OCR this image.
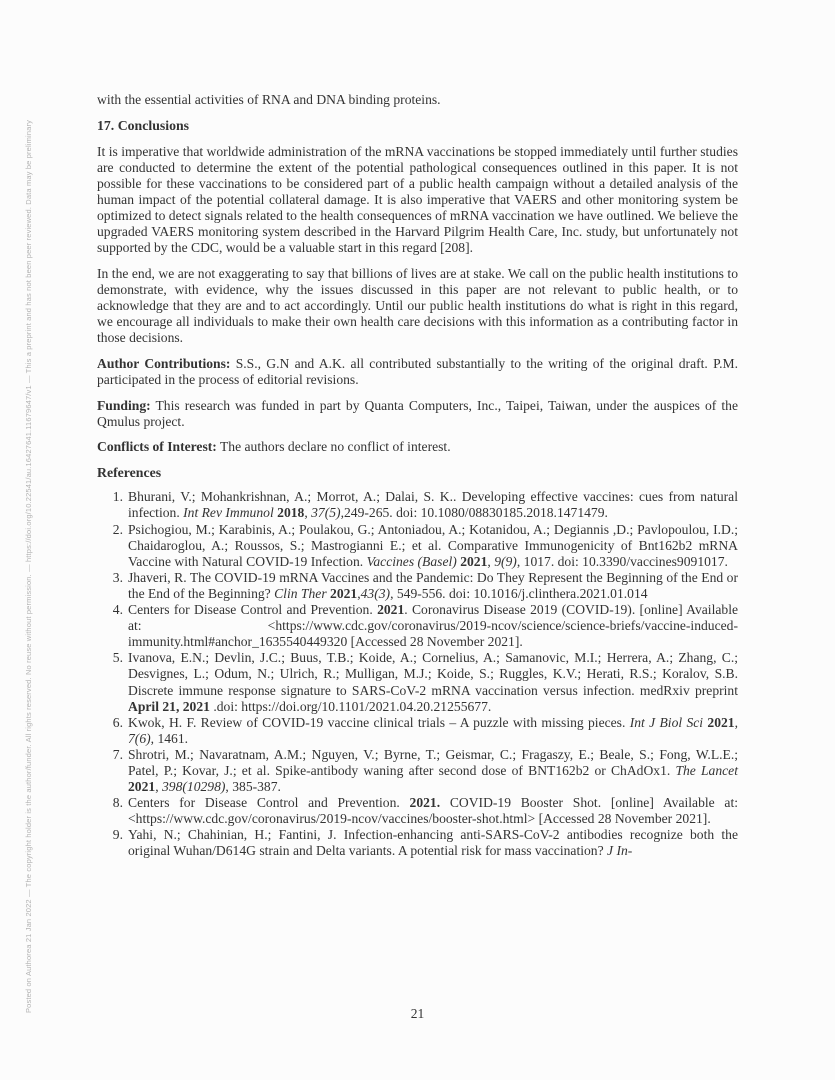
Posted on Authorea 21 Jan 2022 — The copyright holder is the author/funder. All rights reserved. No reuse without permission. — https://doi.org/10.22541/au.16427641.11679647/v1 — This a preprint and has not been peer reviewed. Data may be preliminary

with the essential activities of RNA and DNA binding proteins.

17. Conclusions

It is imperative that worldwide administration of the mRNA vaccinations be stopped immediately until further studies are conducted to determine the extent of the potential pathological consequences outlined in this paper. It is not possible for these vaccinations to be considered part of a public health campaign without a detailed analysis of the human impact of the potential collateral damage. It is also imperative that VAERS and other monitoring system be optimized to detect signals related to the health consequences of mRNA vaccination we have outlined. We believe the upgraded VAERS monitoring system described in the Harvard Pilgrim Health Care, Inc. study, but unfortunately not supported by the CDC, would be a valuable start in this regard [208].

In the end, we are not exaggerating to say that billions of lives are at stake. We call on the public health institutions to demonstrate, with evidence, why the issues discussed in this paper are not relevant to public health, or to acknowledge that they are and to act accordingly. Until our public health institutions do what is right in this regard, we encourage all individuals to make their own health care decisions with this information as a contributing factor in those decisions.

Author Contributions: S.S., G.N and A.K. all contributed substantially to the writing of the original draft. P.M. participated in the process of editorial revisions.

Funding: This research was funded in part by Quanta Computers, Inc., Taipei, Taiwan, under the auspices of the Qmulus project.

Conflicts of Interest: The authors declare no conflict of interest.

References
1. Bhurani, V.; Mohankrishnan, A.; Morrot, A.; Dalai, S. K.. Developing effective vaccines: cues from natural infection. Int Rev Immunol 2018, 37(5),249-265. doi: 10.1080/08830185.2018.1471479.
2. Psichogiou, M.; Karabinis, A.; Poulakou, G.; Antoniadou, A.; Kotanidou, A.; Degiannis ,D.; Pavlopoulou, I.D.; Chaidaroglou, A.; Roussos, S.; Mastrogianni E.; et al. Comparative Immunogenicity of Bnt162b2 mRNA Vaccine with Natural COVID-19 Infection. Vaccines (Basel) 2021, 9(9), 1017. doi: 10.3390/vaccines9091017.
3. Jhaveri, R. The COVID-19 mRNA Vaccines and the Pandemic: Do They Represent the Beginning of the End or the End of the Beginning? Clin Ther 2021,43(3), 549-556. doi: 10.1016/j.clinthera.2021.01.014
4. Centers for Disease Control and Prevention. 2021. Coronavirus Disease 2019 (COVID-19). [online] Available at: <https://www.cdc.gov/coronavirus/2019-ncov/science/science-briefs/vaccine-induced-immunity.html#anchor_1635540449320 [Accessed 28 November 2021].
5. Ivanova, E.N.; Devlin, J.C.; Buus, T.B.; Koide, A.; Cornelius, A.; Samanovic, M.I.; Herrera, A.; Zhang, C.; Desvignes, L.; Odum, N.; Ulrich, R.; Mulligan, M.J.; Koide, S.; Ruggles, K.V.; Herati, R.S.; Koralov, S.B. Discrete immune response signature to SARS-CoV-2 mRNA vaccination versus infection. medRxiv preprint April 21, 2021 .doi: https://doi.org/10.1101/2021.04.20.21255677.
6. Kwok, H. F. Review of COVID-19 vaccine clinical trials – A puzzle with missing pieces. Int J Biol Sci 2021, 7(6), 1461.
7. Shrotri, M.; Navaratnam, A.M.; Nguyen, V.; Byrne, T.; Geismar, C.; Fragaszy, E.; Beale, S.; Fong, W.L.E.; Patel, P.; Kovar, J.; et al. Spike-antibody waning after second dose of BNT162b2 or ChAdOx1. The Lancet 2021, 398(10298), 385-387.
8. Centers for Disease Control and Prevention. 2021. COVID-19 Booster Shot. [online] Available at: <https://www.cdc.gov/coronavirus/2019-ncov/vaccines/booster-shot.html> [Accessed 28 November 2021].
9. Yahi, N.; Chahinian, H.; Fantini, J. Infection-enhancing anti-SARS-CoV-2 antibodies recognize both the original Wuhan/D614G strain and Delta variants. A potential risk for mass vaccination? J In-
21
